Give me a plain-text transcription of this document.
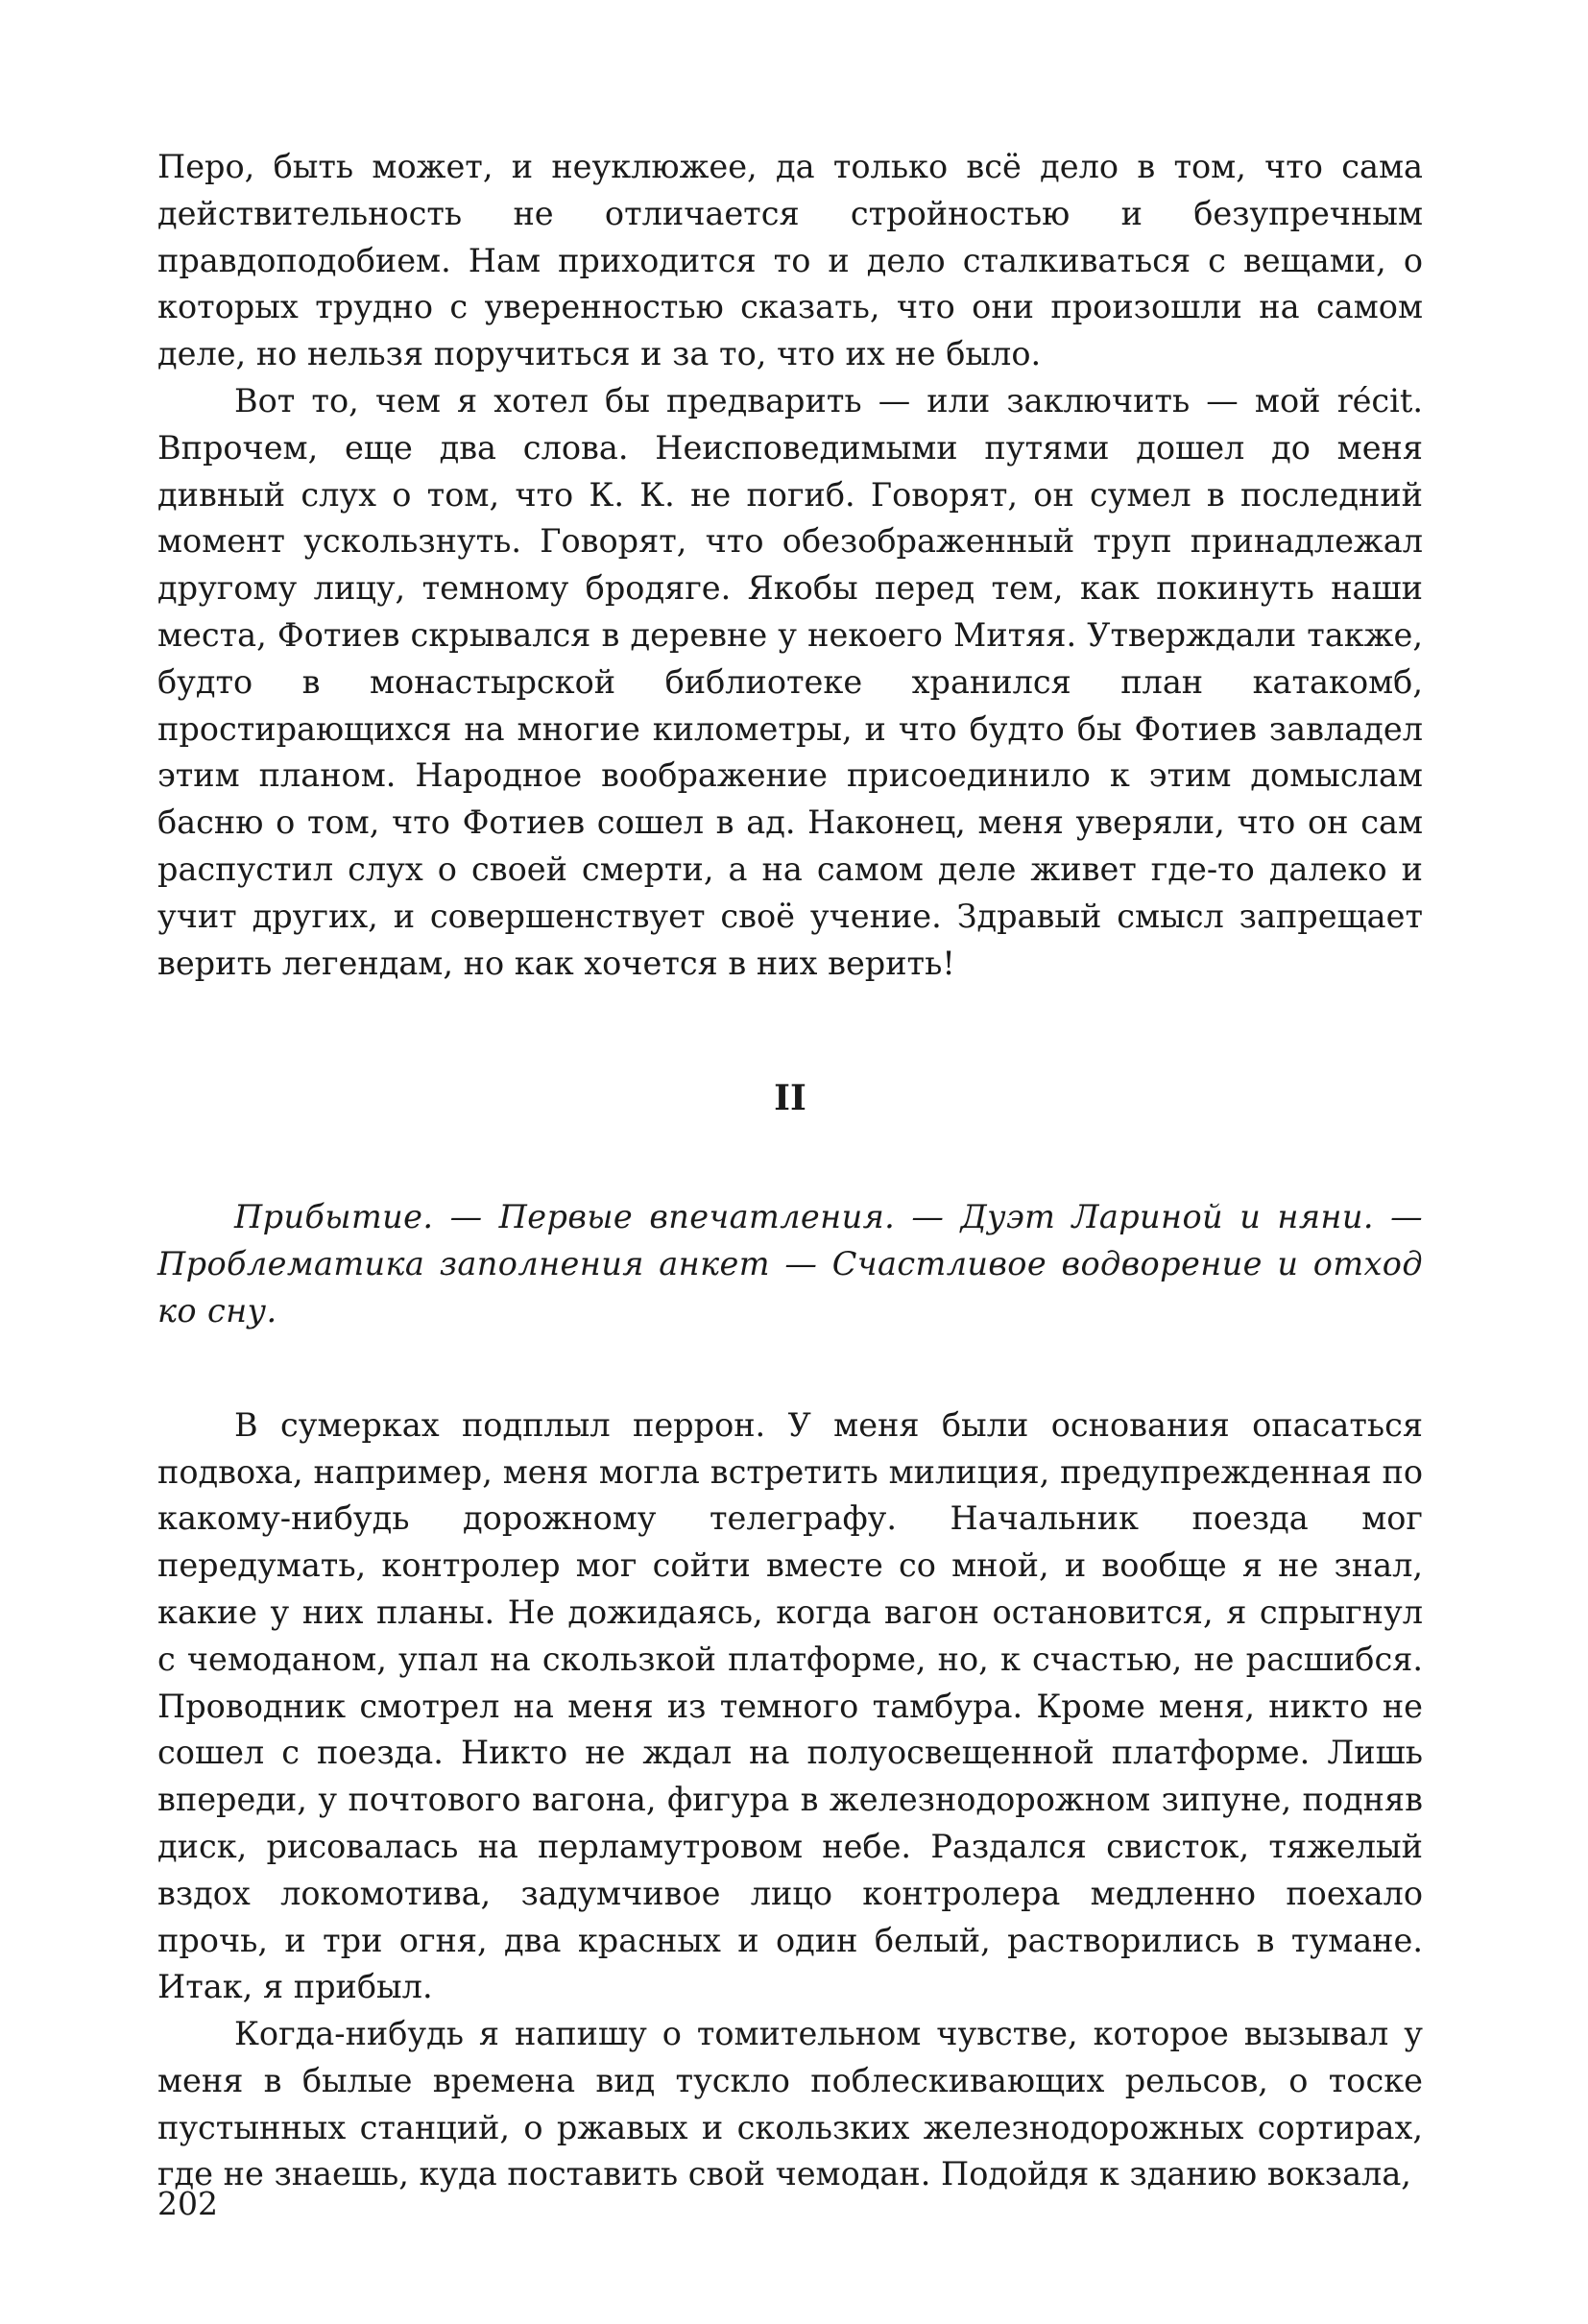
Перо, быть может, и неуклюжее, да только всё дело в том, что сама действительность не отличается стройностью и безупречным правдоподобием. Нам приходится то и дело сталкиваться с вещами, о которых трудно с уверенностью сказать, что они произошли на самом деле, но нельзя поручиться и за то, что их не было.

Вот то, чем я хотел бы предварить — или заключить — мой récit. Впрочем, еще два слова. Неисповедимыми путями дошел до меня дивный слух о том, что К. К. не погиб. Говорят, он сумел в последний момент ускользнуть. Говорят, что обезображенный труп принадлежал другому лицу, темному бродяге. Якобы перед тем, как покинуть наши места, Фотиев скрывался в деревне у некоего Митяя. Утверждали также, будто в монастырской библиотеке хранился план катакомб, простирающихся на многие километры, и что будто бы Фотиев завладел этим планом. Народное воображение присоединило к этим домыслам басню о том, что Фотиев сошел в ад. Наконец, меня уверяли, что он сам распустил слух о своей смерти, а на самом деле живет где-то далеко и учит других, и совершенствует своё учение. Здравый смысл запрещает верить легендам, но как хочется в них верить!

II

Прибытие. — Первые впечатления. — Дуэт Лариной и няни. — Проблематика заполнения анкет — Счастливое водворение и отход ко сну.

В сумерках подплыл перрон. У меня были основания опасаться подвоха, например, меня могла встретить милиция, предупрежденная по какому-нибудь дорожному телеграфу. Начальник поезда мог передумать, контролер мог сойти вместе со мной, и вообще я не знал, какие у них планы. Не дожидаясь, когда вагон остановится, я спрыгнул с чемоданом, упал на скользкой платформе, но, к счастью, не расшибся. Проводник смотрел на меня из темного тамбура. Кроме меня, никто не сошел с поезда. Никто не ждал на полуосвещенной платформе. Лишь впереди, у почтового вагона, фигура в железнодорожном зипуне, подняв диск, рисовалась на перламутровом небе. Раздался свисток, тяжелый вздох локомотива, задумчивое лицо контролера медленно поехало прочь, и три огня, два красных и один белый, растворились в тумане. Итак, я прибыл.

Когда-нибудь я напишу о томительном чувстве, которое вызывал у меня в былые времена вид тускло поблескивающих рельсов, о тоске пустынных станций, о ржавых и скользких железнодорожных сортирах, где не знаешь, куда поставить свой чемодан. Подойдя к зданию вокзала,

202
